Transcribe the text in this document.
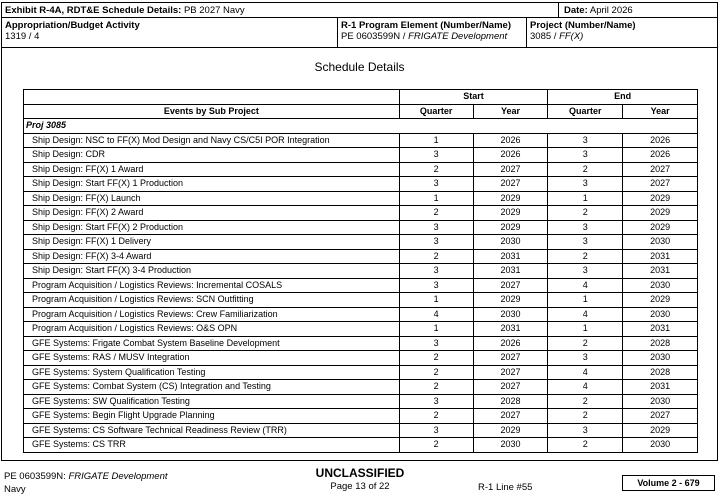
Exhibit R-4A, RDT&E Schedule Details: PB 2027 Navy	Date: April 2026
Appropriation/Budget Activity
1319 / 4
R-1 Program Element (Number/Name)
PE 0603599N / FRIGATE Development
Project (Number/Name)
3085 / FF(X)
Schedule Details
	Start		End	
Events by Sub Project	Quarter	Year	Quarter	Year
Proj 3085				
Ship Design: NSC to FF(X) Mod Design and Navy CS/C5I POR Integration	1	2026	3	2026
Ship Design: CDR	3	2026	3	2026
Ship Design: FF(X) 1 Award	2	2027	2	2027
Ship Design: Start FF(X) 1 Production	3	2027	3	2027
Ship Design: FF(X) Launch	1	2029	1	2029
Ship Design: FF(X) 2 Award	2	2029	2	2029
Ship Design: Start FF(X) 2 Production	3	2029	3	2029
Ship Design: FF(X) 1 Delivery	3	2030	3	2030
Ship Design: FF(X) 3-4 Award	2	2031	2	2031
Ship Design: Start FF(X) 3-4 Production	3	2031	3	2031
Program Acquisition / Logistics Reviews: Incremental COSALS	3	2027	4	2030
Program Acquisition / Logistics Reviews: SCN Outfitting	1	2029	1	2029
Program Acquisition / Logistics Reviews: Crew Familiarization	4	2030	4	2030
Program Acquisition / Logistics Reviews: O&S OPN	1	2031	1	2031
GFE Systems: Frigate Combat System Baseline Development	3	2026	2	2028
GFE Systems: RAS / MUSV Integration	2	2027	3	2030
GFE Systems: System Qualification Testing	2	2027	4	2028
GFE Systems: Combat System (CS) Integration and Testing	2	2027	4	2031
GFE Systems: SW Qualification Testing	3	2028	2	2030
GFE Systems: Begin Flight Upgrade Planning	2	2027	2	2027
GFE Systems: CS Software Technical Readiness Review (TRR)	3	2029	3	2029
GFE Systems: CS TRR	2	2030	2	2030
PE 0603599N: FRIGATE Development
Navy
UNCLASSIFIED
Page 13 of 22	R-1 Line #55	Volume 2 - 679
